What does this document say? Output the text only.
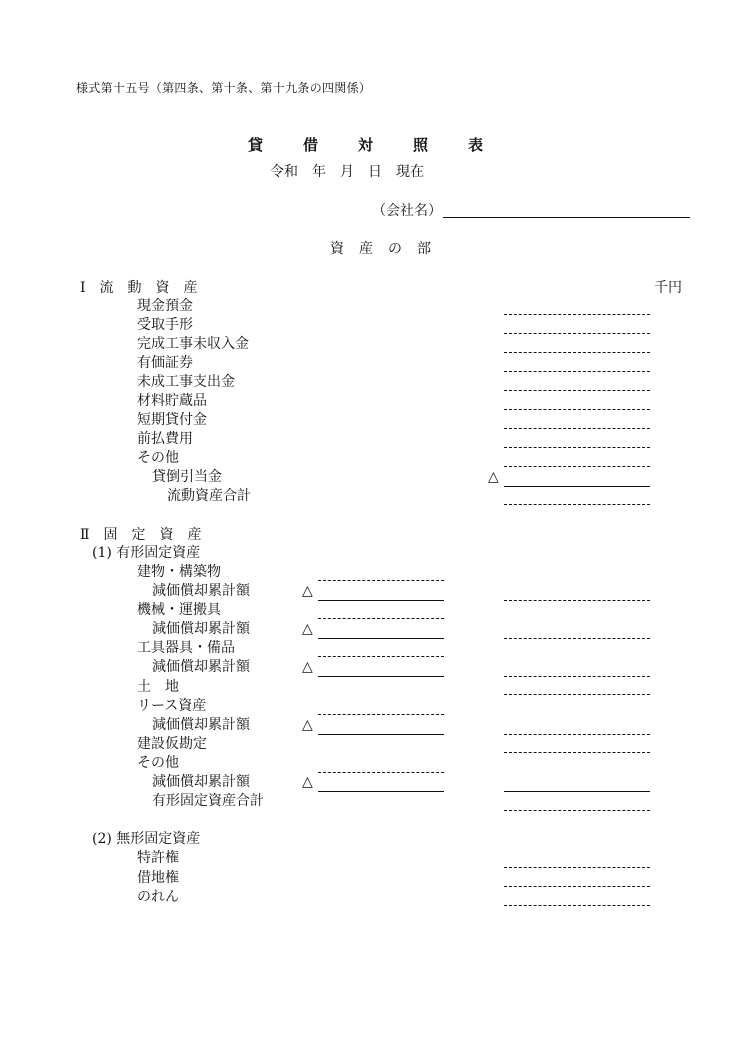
様式第十五号（第四条、第十条、第十九条の四関係）
貸借対照表
令和　年　月　日　現在
（会社名）
資産の部
千円
Ⅰ流動資産
現金預金
受取手形
完成工事未収入金
有価証券
未成工事支出金
材料貯蔵品
短期貸付金
前払費用
その他
貸倒引当金	△
流動資産合計
Ⅱ固定資産
(1) 有形固定資産
建物・構築物
減価償却累計額	△
機械・運搬具
減価償却累計額	△
工具器具・備品
減価償却累計額	△
土　地
リース資産
減価償却累計額	△
建設仮勘定
その他
減価償却累計額	△
有形固定資産合計
(2) 無形固定資産
特許権
借地権
のれん
